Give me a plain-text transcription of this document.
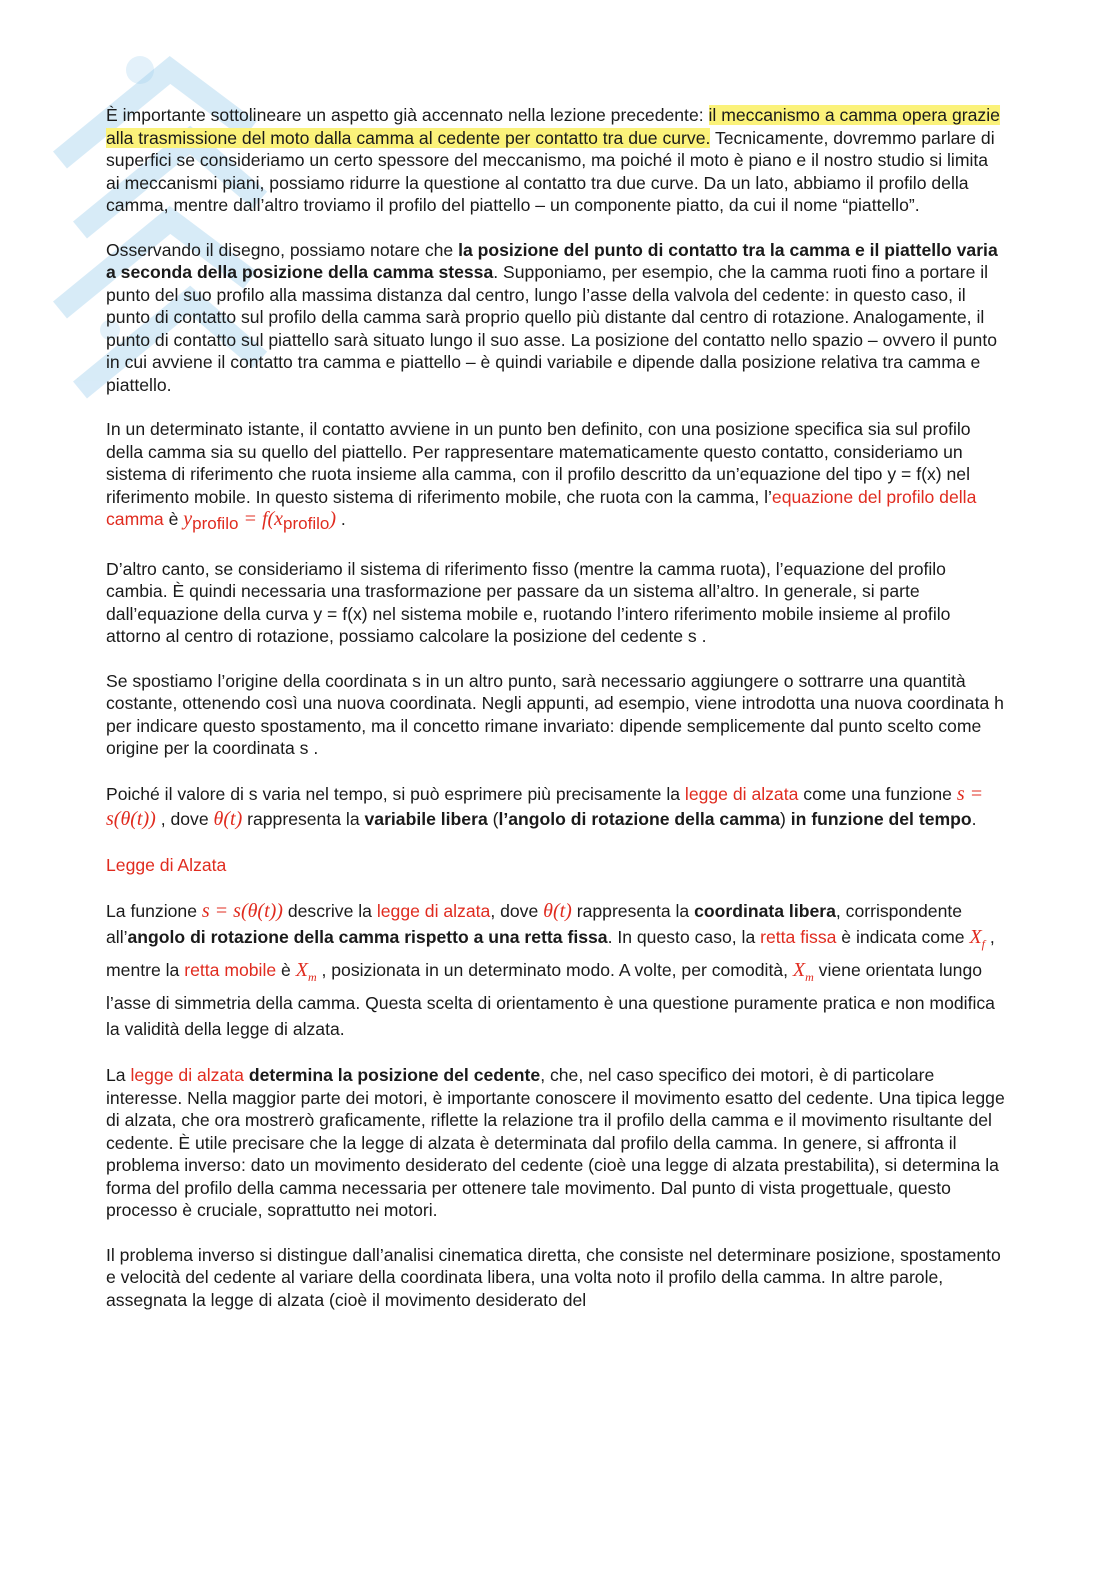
È importante sottolineare un aspetto già accennato nella lezione precedente: il meccanismo a camma opera grazie alla trasmissione del moto dalla camma al cedente per contatto tra due curve. Tecnicamente, dovremmo parlare di superfici se consideriamo un certo spessore del meccanismo, ma poiché il moto è piano e il nostro studio si limita ai meccanismi piani, possiamo ridurre la questione al contatto tra due curve. Da un lato, abbiamo il profilo della camma, mentre dall’altro troviamo il profilo del piattello – un componente piatto, da cui il nome “piattello”.

Osservando il disegno, possiamo notare che la posizione del punto di contatto tra la camma e il piattello varia a seconda della posizione della camma stessa. Supponiamo, per esempio, che la camma ruoti fino a portare il punto del suo profilo alla massima distanza dal centro, lungo l’asse della valvola del cedente: in questo caso, il punto di contatto sul profilo della camma sarà proprio quello più distante dal centro di rotazione. Analogamente, il punto di contatto sul piattello sarà situato lungo il suo asse. La posizione del contatto nello spazio – ovvero il punto in cui avviene il contatto tra camma e piattello – è quindi variabile e dipende dalla posizione relativa tra camma e piattello.

In un determinato istante, il contatto avviene in un punto ben definito, con una posizione specifica sia sul profilo della camma sia su quello del piattello. Per rappresentare matematicamente questo contatto, consideriamo un sistema di riferimento che ruota insieme alla camma, con il profilo descritto da un’equazione del tipo y = f(x) nel riferimento mobile. In questo sistema di riferimento mobile, che ruota con la camma, l’equazione del profilo della camma è $y_{profilo} = f(x_{profilo})$ .

D’altro canto, se consideriamo il sistema di riferimento fisso (mentre la camma ruota), l’equazione del profilo cambia. È quindi necessaria una trasformazione per passare da un sistema all’altro. In generale, si parte dall’equazione della curva y = f(x) nel sistema mobile e, ruotando l’intero riferimento mobile insieme al profilo attorno al centro di rotazione, possiamo calcolare la posizione del cedente s .

Se spostiamo l’origine della coordinata s in un altro punto, sarà necessario aggiungere o sottrarre una quantità costante, ottenendo così una nuova coordinata. Negli appunti, ad esempio, viene introdotta una nuova coordinata h per indicare questo spostamento, ma il concetto rimane invariato: dipende semplicemente dal punto scelto come origine per la coordinata s .

Poiché il valore di s varia nel tempo, si può esprimere più precisamente la legge di alzata come una funzione s = s(θ(t)) , dove θ(t) rappresenta la variabile libera (l’angolo di rotazione della camma) in funzione del tempo.

Legge di Alzata

La funzione s = s(θ(t)) descrive la legge di alzata, dove θ(t) rappresenta la coordinata libera, corrispondente all’angolo di rotazione della camma rispetto a una retta fissa. In questo caso, la retta fissa è indicata come $X_f$ , mentre la retta mobile è $X_m$ , posizionata in un determinato modo. A volte, per comodità, $X_m$ viene orientata lungo l’asse di simmetria della camma. Questa scelta di orientamento è una questione puramente pratica e non modifica la validità della legge di alzata.

La legge di alzata determina la posizione del cedente, che, nel caso specifico dei motori, è di particolare interesse. Nella maggior parte dei motori, è importante conoscere il movimento esatto del cedente. Una tipica legge di alzata, che ora mostrerò graficamente, riflette la relazione tra il profilo della camma e il movimento risultante del cedente. È utile precisare che la legge di alzata è determinata dal profilo della camma. In genere, si affronta il problema inverso: dato un movimento desiderato del cedente (cioè una legge di alzata prestabilita), si determina la forma del profilo della camma necessaria per ottenere tale movimento. Dal punto di vista progettuale, questo processo è cruciale, soprattutto nei motori.

Il problema inverso si distingue dall’analisi cinematica diretta, che consiste nel determinare posizione, spostamento e velocità del cedente al variare della coordinata libera, una volta noto il profilo della camma. In altre parole, assegnata la legge di alzata (cioè il movimento desiderato del
